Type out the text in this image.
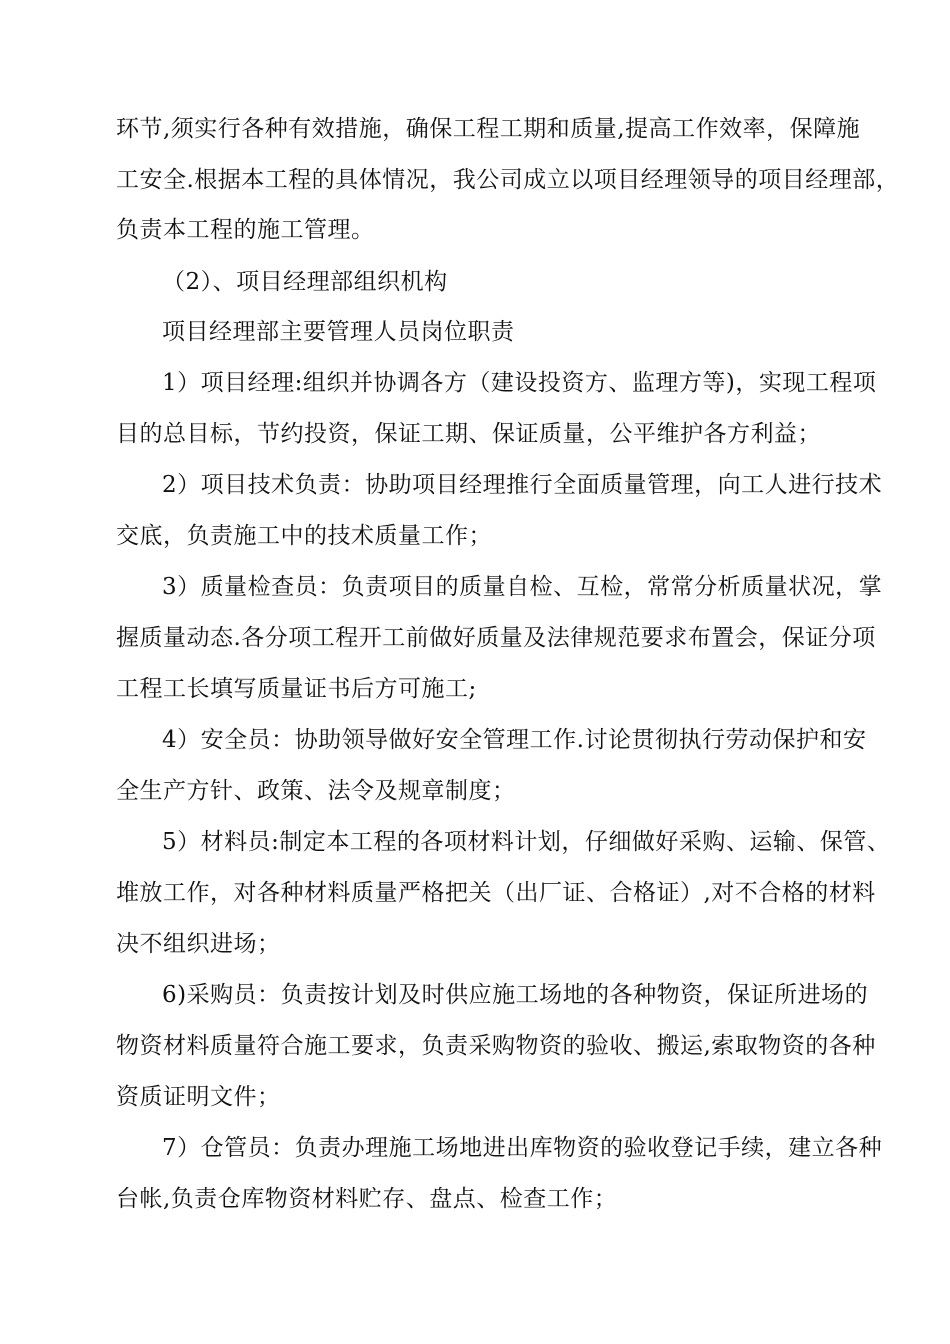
环节,须实行各种有效措施，确保工程工期和质量,提高工作效率，保障施
工安全.根据本工程的具体情况，我公司成立以项目经理领导的项目经理部，
负责本工程的施工管理。
（2）、项目经理部组织机构
项目经理部主要管理人员岗位职责
1）项目经理:组织并协调各方（建设投资方、监理方等)，实现工程项
目的总目标，节约投资，保证工期、保证质量，公平维护各方利益；
2）项目技术负责：协助项目经理推行全面质量管理，向工人进行技术
交底，负责施工中的技术质量工作；
3）质量检查员：负责项目的质量自检、互检，常常分析质量状况，掌
握质量动态.各分项工程开工前做好质量及法律规范要求布置会，保证分项
工程工长填写质量证书后方可施工;
4）安全员：协助领导做好安全管理工作.讨论贯彻执行劳动保护和安
全生产方针、政策、法令及规章制度；
5）材料员:制定本工程的各项材料计划，仔细做好采购、运输、保管、
堆放工作，对各种材料质量严格把关（出厂证、合格证）,对不合格的材料
决不组织进场；
6)采购员：负责按计划及时供应施工场地的各种物资，保证所进场的
物资材料质量符合施工要求，负责采购物资的验收、搬运,索取物资的各种
资质证明文件；
7）仓管员：负责办理施工场地进出库物资的验收登记手续，建立各种
台帐,负责仓库物资材料贮存、盘点、检查工作；
